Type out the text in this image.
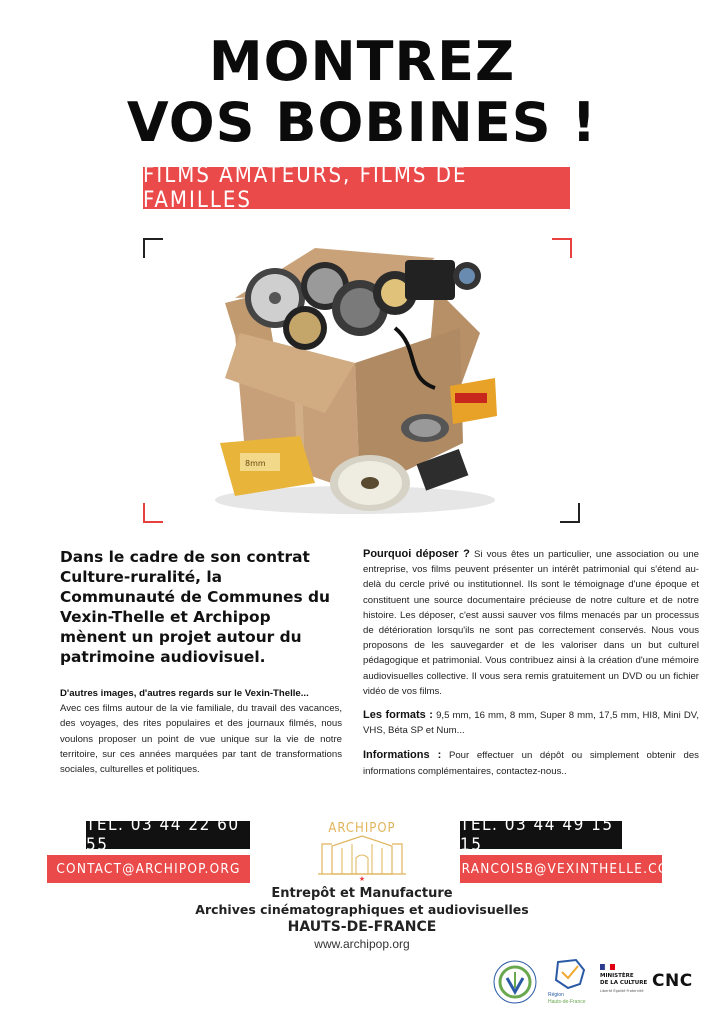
MONTREZ
VOS BOBINES !
FILMS AMATEURS, FILMS DE FAMILLES
8mm
Dans le cadre de son contrat Culture-ruralité, la Communauté de Communes du Vexin-Thelle et Archipop mènent un projet autour du patrimoine audiovisuel.
D'autres images, d'autres regards sur le Vexin-Thelle...
Avec ces films autour de la vie familiale, du travail des vacances, des voyages, des rites populaires et des journaux filmés, nous voulons proposer un point de vue unique sur la vie de notre territoire, sur ces années marquées par tant de transformations sociales, culturelles et politiques.

Pourquoi déposer ? Si vous êtes un particulier, une association ou une entreprise, vos films peuvent présenter un intérêt patrimonial qui s'étend au-delà du cercle privé ou institutionnel. Ils sont le témoignage d'une époque et constituent une source documentaire précieuse de notre culture et de notre histoire. Les déposer, c'est aussi sauver vos films menacés par un processus de détérioration lorsqu'ils ne sont pas correctement conservés. Nous vous proposons de les sauvegarder et de les valoriser dans un but culturel pédagogique et patrimonial. Vous contribuez ainsi à la création d'une mémoire audiovisuelles collective. Il vous sera remis gratuitement un DVD ou un fichier vidéo de vos films.

Les formats : 9,5 mm, 16 mm, 8 mm, Super 8 mm, 17,5 mm, HI8, Mini DV, VHS, Béta SP et Num...

Informations : Pour effectuer un dépôt ou simplement obtenir des informations complémentaires, contactez-nous..

TÉL. 03 44 22 60 55
CONTACT@ARCHIPOP.ORG
TÉL. 03 44 49 15 15
MFRANCOISB@VEXINTHELLE.COM
ARCHIPOP
★
Entrepôt et Manufacture
Archives cinématographiques et audiovisuelles
HAUTS-DE-FRANCE
www.archipop.org
Région
Hauts-de-France
MINISTÈRE
DE LA CULTURE
Liberté Égalité Fraternité CNC
